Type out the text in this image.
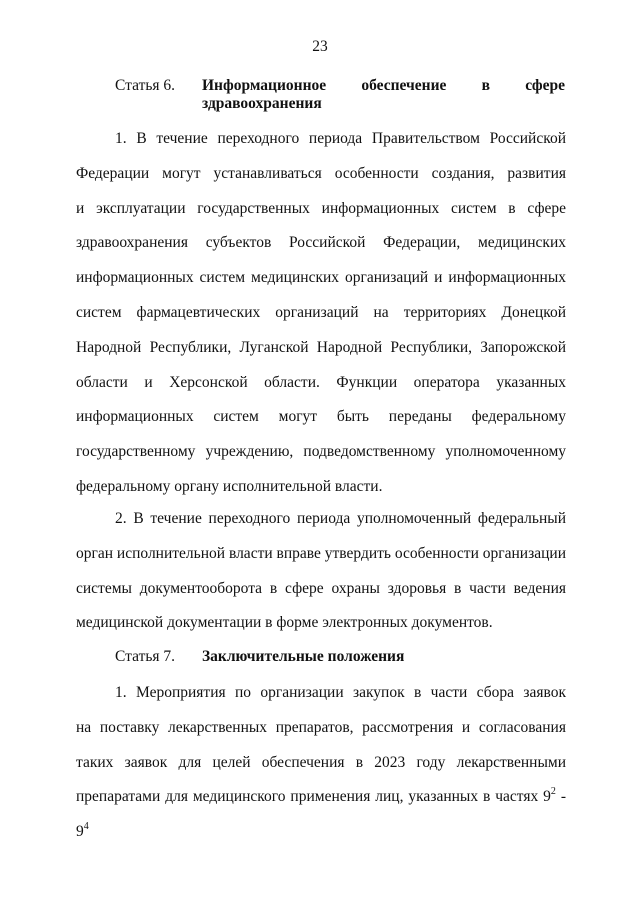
23
Статья 6. Информационное обеспечение в сфере
здравоохранения
1. В течение переходного периода Правительством Российской
Федерации могут устанавливаться особенности создания, развития
и эксплуатации государственных информационных систем в сфере
здравоохранения субъектов Российской Федерации, медицинских
информационных систем медицинских организаций и информационных
систем фармацевтических организаций на территориях Донецкой
Народной Республики, Луганской Народной Республики, Запорожской
области и Херсонской области. Функции оператора указанных
информационных систем могут быть переданы федеральному
государственному учреждению, подведомственному уполномоченному
федеральному органу исполнительной власти.
2. В течение переходного периода уполномоченный федеральный
орган исполнительной власти вправе утвердить особенности организации
системы документооборота в сфере охраны здоровья в части ведения
медицинской документации в форме электронных документов.
Статья 7. Заключительные положения
1. Мероприятия по организации закупок в части сбора заявок
на поставку лекарственных препаратов, рассмотрения и согласования
таких заявок для целей обеспечения в 2023 году лекарственными
препаратами для медицинского применения лиц, указанных в частях $9^2 - 9^4$
